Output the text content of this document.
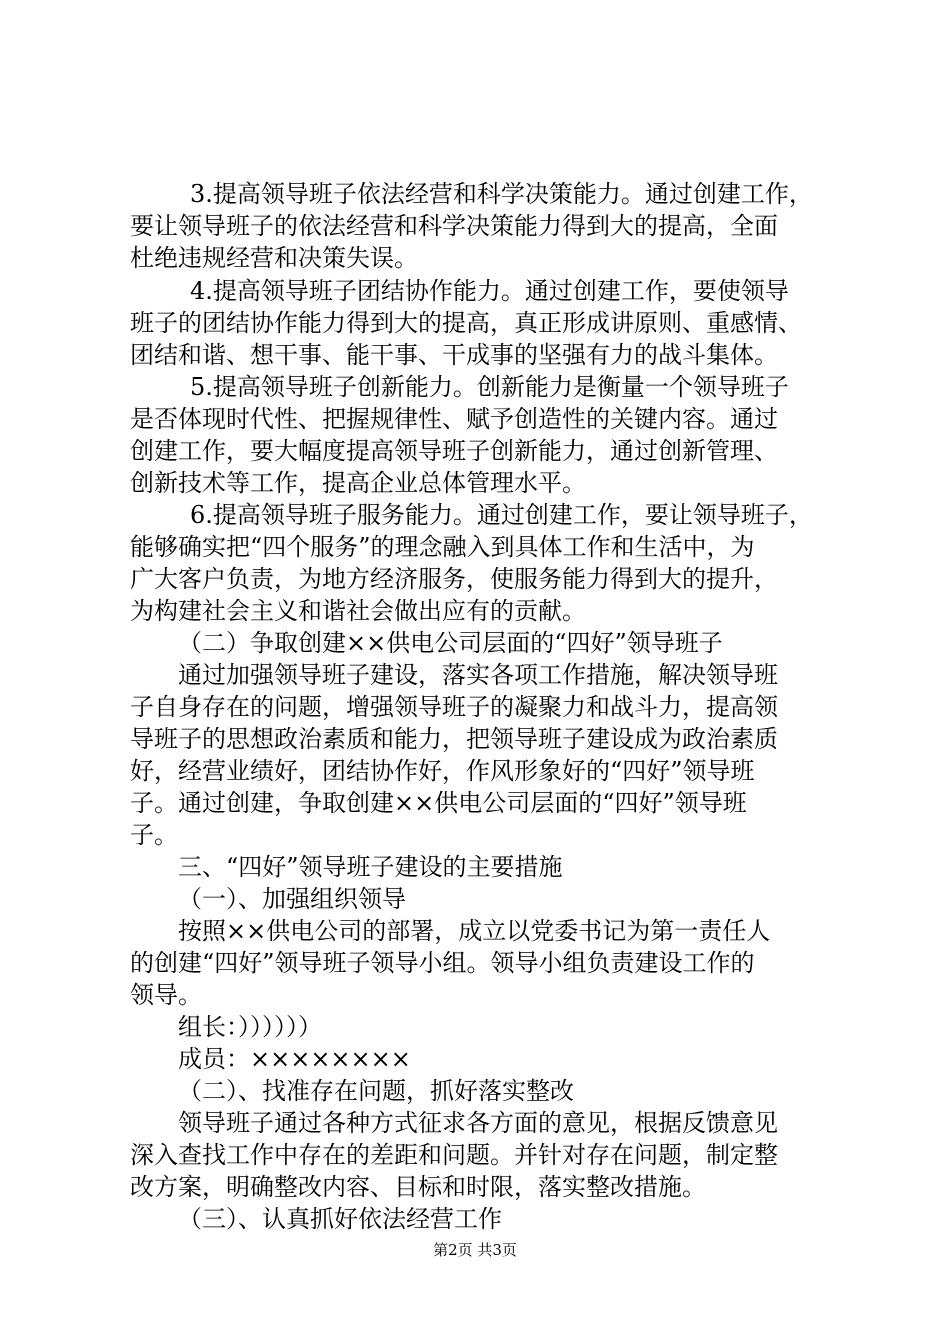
3.提高领导班子依法经营和科学决策能力。通过创建工作，
要让领导班子的依法经营和科学决策能力得到大的提高，全面
杜绝违规经营和决策失误。
4.提高领导班子团结协作能力。通过创建工作，要使领导
班子的团结协作能力得到大的提高，真正形成讲原则、重感情、
团结和谐、想干事、能干事、干成事的坚强有力的战斗集体。
5.提高领导班子创新能力。创新能力是衡量一个领导班子
是否体现时代性、把握规律性、赋予创造性的关键内容。通过
创建工作，要大幅度提高领导班子创新能力，通过创新管理、
创新技术等工作，提高企业总体管理水平。
6.提高领导班子服务能力。通过创建工作，要让领导班子，
能够确实把“四个服务”的理念融入到具体工作和生活中，为
广大客户负责，为地方经济服务，使服务能力得到大的提升，
为构建社会主义和谐社会做出应有的贡献。
（二）争取创建××供电公司层面的“四好”领导班子
通过加强领导班子建设，落实各项工作措施，解决领导班
子自身存在的问题，增强领导班子的凝聚力和战斗力，提高领
导班子的思想政治素质和能力，把领导班子建设成为政治素质
好，经营业绩好，团结协作好，作风形象好的“四好”领导班
子。通过创建，争取创建××供电公司层面的“四好”领导班
子。
三、“四好”领导班子建设的主要措施
（一）、加强组织领导
按照××供电公司的部署，成立以党委书记为第一责任人
的创建“四好”领导班子领导小组。领导小组负责建设工作的
领导。
组长：））））））
成员：××××××××
（二）、找准存在问题，抓好落实整改
领导班子通过各种方式征求各方面的意见，根据反馈意见
深入查找工作中存在的差距和问题。并针对存在问题，制定整
改方案，明确整改内容、目标和时限，落实整改措施。
（三）、认真抓好依法经营工作
第2页 共3页
